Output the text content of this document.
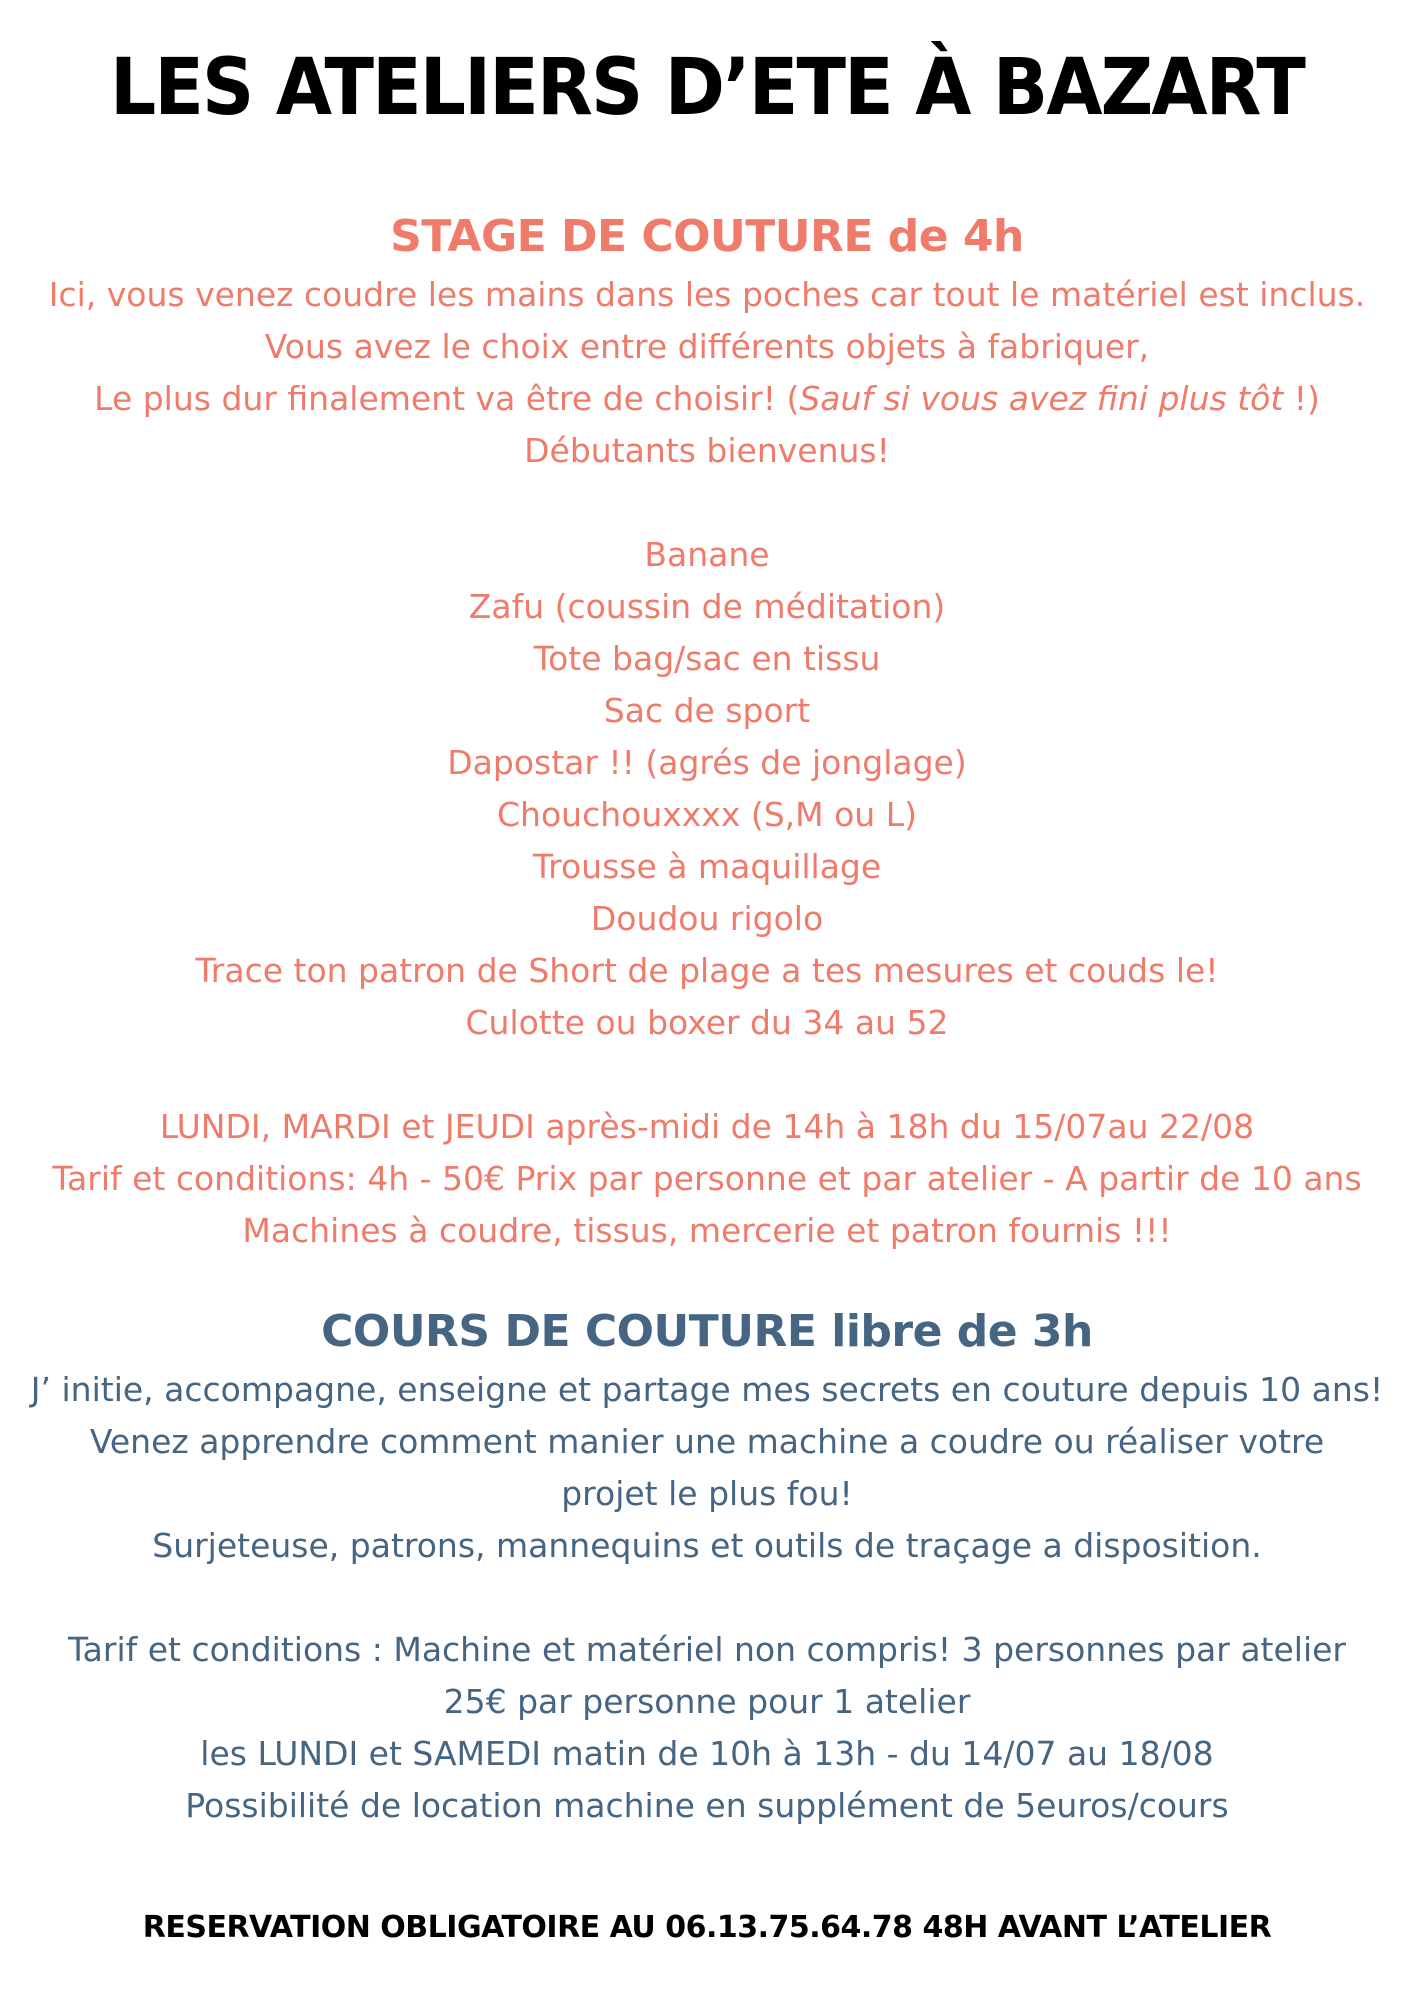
LES ATELIERS D’ETE À BAZART
STAGE DE COUTURE de 4h
Ici, vous venez coudre les mains dans les poches car tout le matériel est inclus.
Vous avez le choix entre différents objets à fabriquer,
Le plus dur finalement va être de choisir! (Sauf si vous avez fini plus tôt !)
Débutants bienvenus!
Banane
Zafu (coussin de méditation)
Tote bag/sac en tissu
Sac de sport
Dapostar !! (agrés de jonglage)
Chouchouxxxx (S,M ou L)
Trousse à maquillage
Doudou rigolo
Trace ton patron de Short de plage a tes mesures et couds le!
Culotte ou boxer du 34 au 52
LUNDI, MARDI et JEUDI après-midi de 14h à 18h du 15/07au 22/08
Tarif et conditions: 4h - 50€ Prix par personne et par atelier - A partir de 10 ans
Machines à coudre, tissus, mercerie et patron fournis !!!
COURS DE COUTURE libre de 3h
J’ initie, accompagne, enseigne et partage mes secrets en couture depuis 10 ans!
Venez apprendre comment manier une machine a coudre ou réaliser votre projet le plus fou!
Surjeteuse, patrons, mannequins et outils de traçage a disposition.
Tarif et conditions : Machine et matériel non compris! 3 personnes par atelier
25€ par personne pour 1 atelier
les LUNDI et SAMEDI matin de 10h à 13h - du 14/07 au 18/08
Possibilité de location machine en supplément de 5euros/cours

RESERVATION OBLIGATOIRE AU 06.13.75.64.78 48H AVANT L’ATELIER
